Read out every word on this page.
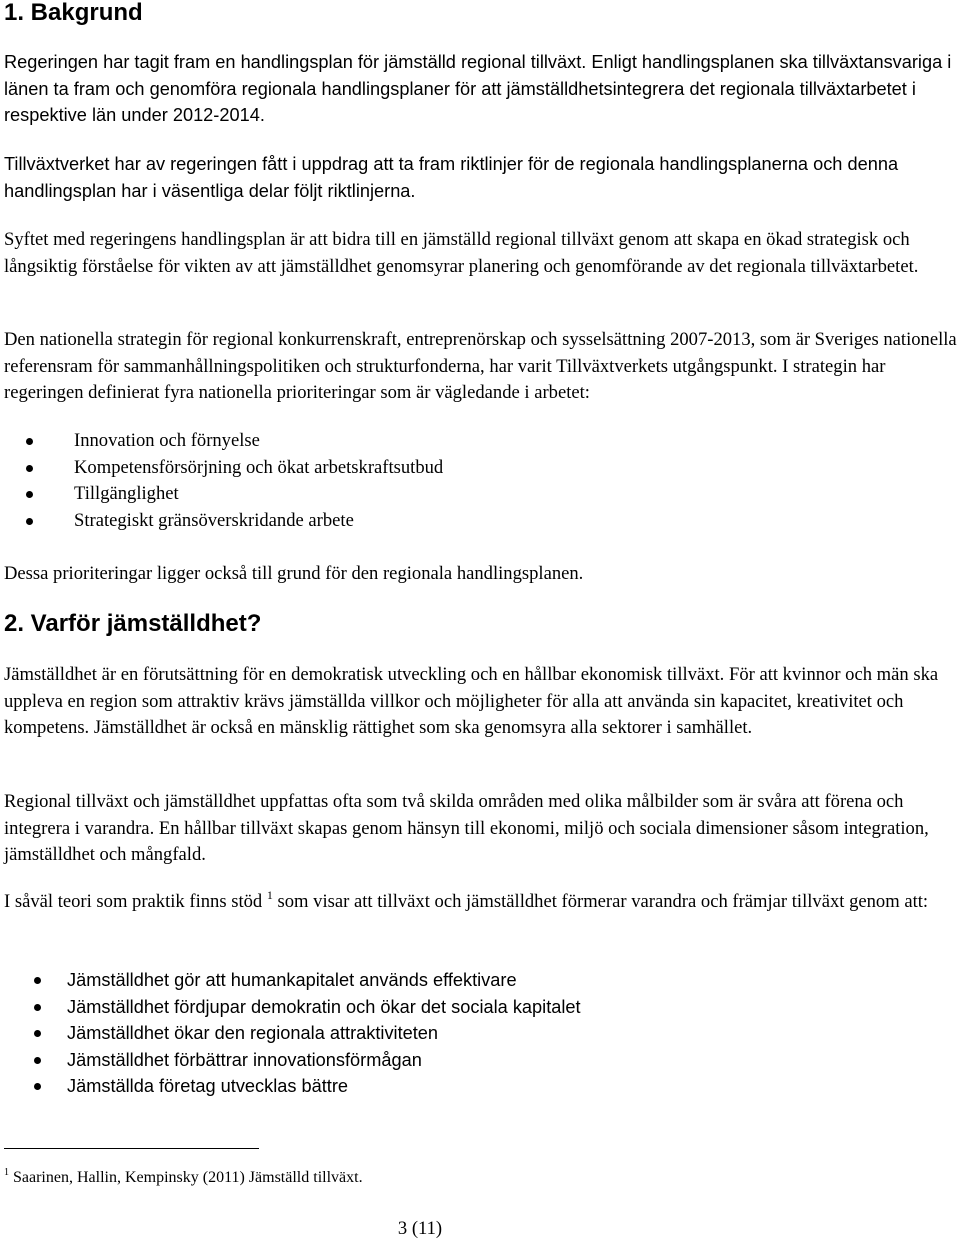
1. Bakgrund

Regeringen har tagit fram en handlingsplan för jämställd regional tillväxt. Enligt handlingsplanen ska tillväxtansvariga i länen ta fram och genomföra regionala handlingsplaner för att jämställdhetsintegrera det regionala tillväxtarbetet i respektive län under 2012-2014.

Tillväxtverket har av regeringen fått i uppdrag att ta fram riktlinjer för de regionala handlingsplanerna och denna handlingsplan har i väsentliga delar följt riktlinjerna.

Syftet med regeringens handlingsplan är att bidra till en jämställd regional tillväxt genom att skapa en ökad strategisk och långsiktig förståelse för vikten av att jämställdhet genomsyrar planering och genomförande av det regionala tillväxtarbetet.

Den nationella strategin för regional konkurrenskraft, entreprenörskap och sysselsättning 2007-2013, som är Sveriges nationella referensram för sammanhållningspolitiken och strukturfonderna, har varit Tillväxtverkets utgångspunkt. I strategin har regeringen definierat fyra nationella prioriteringar som är vägledande i arbetet:

Innovation och förnyelse
Kompetensförsörjning och ökat arbetskraftsutbud
Tillgänglighet
Strategiskt gränsöverskridande arbete

Dessa prioriteringar ligger också till grund för den regionala handlingsplanen.

2. Varför jämställdhet?

Jämställdhet är en förutsättning för en demokratisk utveckling och en hållbar ekonomisk tillväxt. För att kvinnor och män ska uppleva en region som attraktiv krävs jämställda villkor och möjligheter för alla att använda sin kapacitet, kreativitet och kompetens. Jämställdhet är också en mänsklig rättighet som ska genomsyra alla sektorer i samhället.

Regional tillväxt och jämställdhet uppfattas ofta som två skilda områden med olika målbilder som är svåra att förena och integrera i varandra. En hållbar tillväxt skapas genom hänsyn till ekonomi, miljö och sociala dimensioner såsom integration, jämställdhet och mångfald.

I såväl teori som praktik finns stöd $^1$ som visar att tillväxt och jämställdhet förmerar varandra och främjar tillväxt genom att:

Jämställdhet gör att humankapitalet används effektivare
Jämställdhet fördjupar demokratin och ökar det sociala kapitalet
Jämställdhet ökar den regionala attraktiviteten
Jämställdhet förbättrar innovationsförmågan
Jämställda företag utvecklas bättre
$^1$ Saarinen, Hallin, Kempinsky (2011) Jämställd tillväxt.
3 (11)
